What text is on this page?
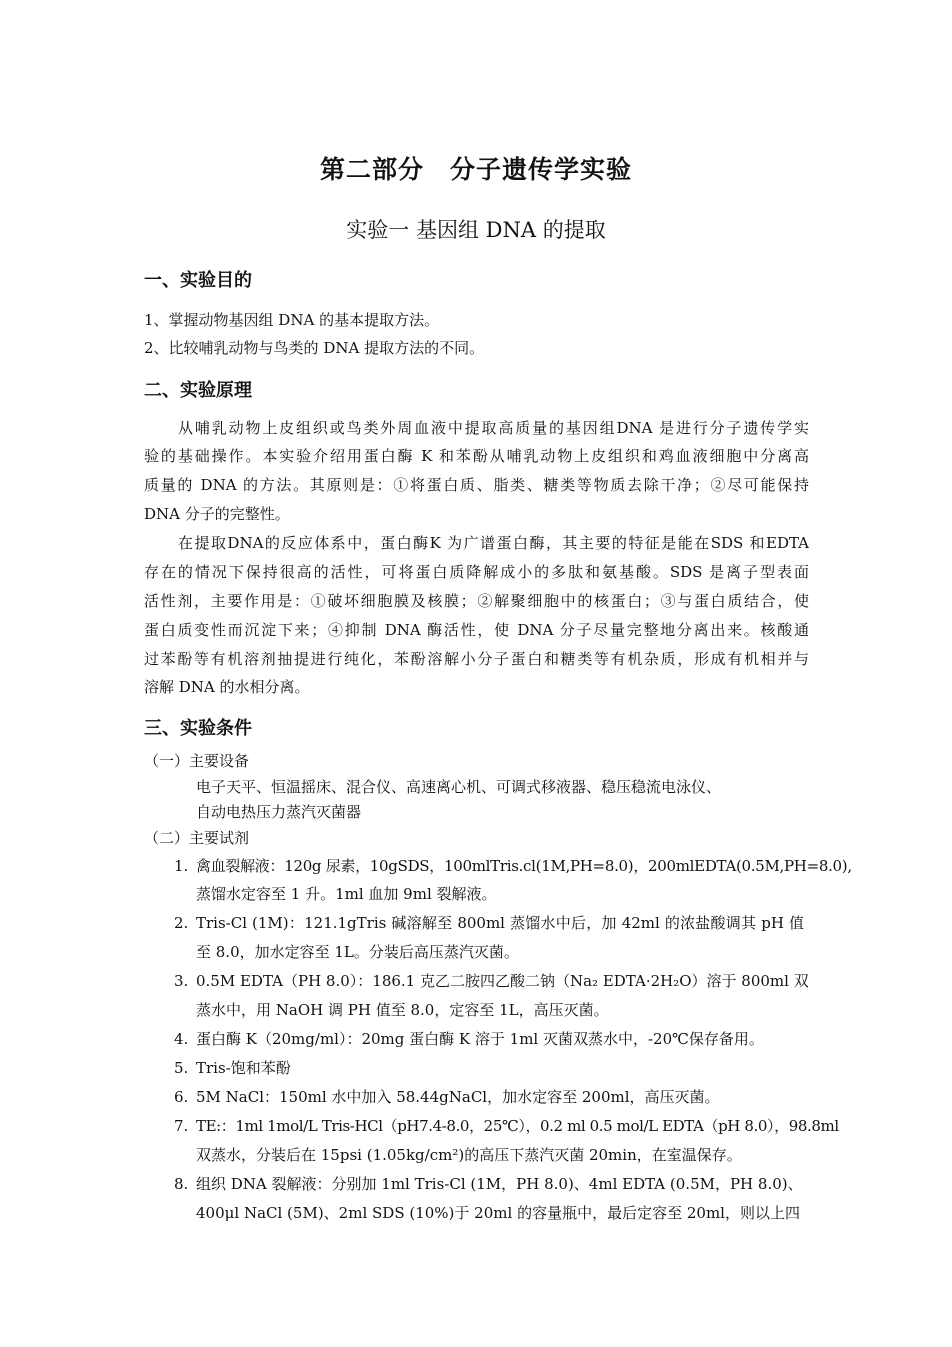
第二部分　分子遗传学实验
实验一 基因组 DNA 的提取
一、实验目的
1、掌握动物基因组 DNA 的基本提取方法。
2、比较哺乳动物与鸟类的 DNA 提取方法的不同。
二、实验原理
从哺乳动物上皮组织或鸟类外周血液中提取高质量的基因组DNA 是进行分子遗传学实
验的基础操作。本实验介绍用蛋白酶 K 和苯酚从哺乳动物上皮组织和鸡血液细胞中分离高
质量的 DNA 的方法。其原则是：①将蛋白质、脂类、糖类等物质去除干净；②尽可能保持
DNA 分子的完整性。
在提取DNA的反应体系中，蛋白酶K 为广谱蛋白酶，其主要的特征是能在SDS 和EDTA
存在的情况下保持很高的活性，可将蛋白质降解成小的多肽和氨基酸。SDS 是离子型表面
活性剂，主要作用是：①破坏细胞膜及核膜；②解聚细胞中的核蛋白；③与蛋白质结合，使
蛋白质变性而沉淀下来；④抑制 DNA 酶活性，使 DNA 分子尽量完整地分离出来。核酸通
过苯酚等有机溶剂抽提进行纯化，苯酚溶解小分子蛋白和糖类等有机杂质，形成有机相并与
溶解 DNA 的水相分离。
三、实验条件
（一）主要设备
电子天平、恒温摇床、混合仪、高速离心机、可调式移液器、稳压稳流电泳仪、
自动电热压力蒸汽灭菌器
（二）主要试剂
1. 禽血裂解液：120g 尿素，10gSDS，100mlTris.cl(1M,PH=8.0)，200mlEDTA(0.5M,PH=8.0),
蒸馏水定容至 1 升。1ml 血加 9ml 裂解液。
2. Tris-Cl (1M)：121.1gTris 碱溶解至 800ml 蒸馏水中后，加 42ml 的浓盐酸调其 pH 值
至 8.0，加水定容至 1L。分装后高压蒸汽灭菌。
3. 0.5M EDTA（PH 8.0）：186.1 克乙二胺四乙酸二钠（Na₂ EDTA·2H₂O）溶于 800ml 双
蒸水中，用 NaOH 调 PH 值至 8.0，定容至 1L，高压灭菌。
4. 蛋白酶 K（20mg/ml）：20mg 蛋白酶 K 溶于 1ml 灭菌双蒸水中，-20℃保存备用。
5. Tris-饱和苯酚
6. 5M NaCl：150ml 水中加入 58.44gNaCl，加水定容至 200ml，高压灭菌。
7. TE:：1ml 1mol/L Tris-HCl（pH7.4-8.0，25℃），0.2 ml 0.5 mol/L EDTA（pH 8.0），98.8ml
双蒸水，分装后在 15psi (1.05kg/cm²)的高压下蒸汽灭菌 20min，在室温保存。
8. 组织 DNA 裂解液：分别加 1ml Tris-Cl (1M，PH 8.0)、4ml EDTA (0.5M，PH 8.0)、
400μl NaCl (5M)、2ml SDS (10%)于 20ml 的容量瓶中，最后定容至 20ml，则以上四
